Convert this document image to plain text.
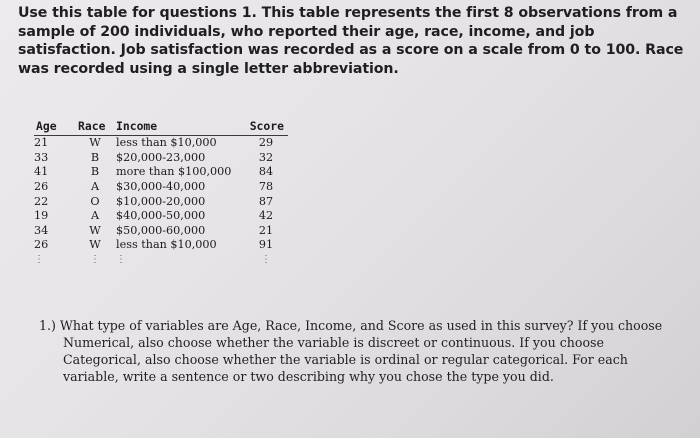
Use this table for questions 1. This table represents the first 8 observations from a sample of 200 individuals, who reported their age, race, income, and job satisfaction. Job satisfaction was recorded as a score on a scale from 0 to 100. Race was recorded using a single letter abbreviation.

Age	Race	Income	Score
21	W	less than $10,000	29
33	B	$20,000-23,000	32
41	B	more than $100,000	84
26	A	$30,000-40,000	78
22	O	$10,000-20,000	87
19	A	$40,000-50,000	42
34	W	$50,000-60,000	21
26	W	less than $10,000	91
⋮	⋮	⋮	⋮

1.) What type of variables are Age, Race, Income, and Score as used in this survey? If you choose Numerical, also choose whether the variable is discreet or continuous. If you choose Categorical, also choose whether the variable is ordinal or regular categorical. For each variable, write a sentence or two describing why you chose the type you did.
